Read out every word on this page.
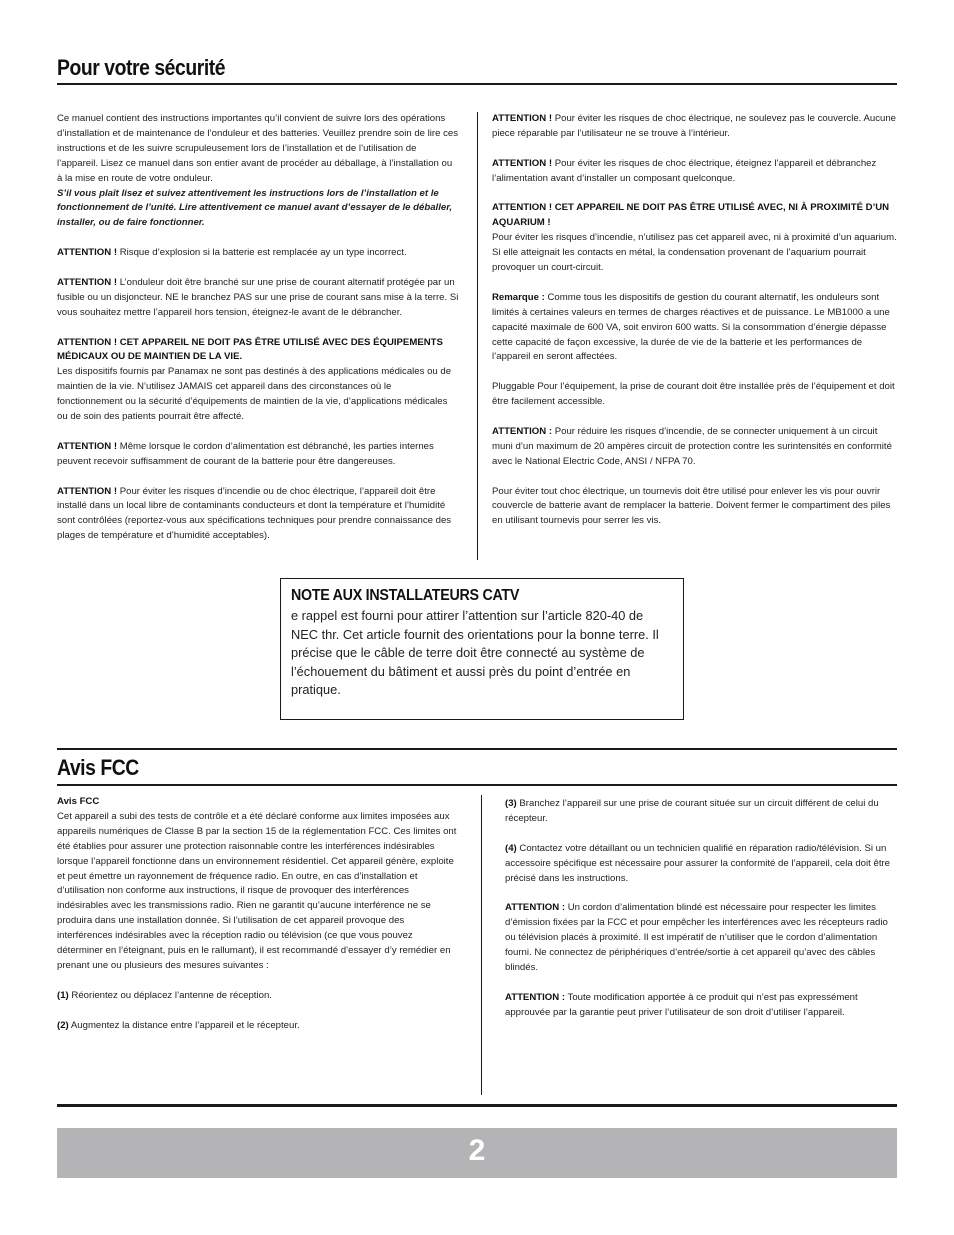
Pour votre sécurité

Ce manuel contient des instructions importantes qu’il convient de suivre lors des opérations d’installation et de maintenance de l’onduleur et des batteries. Veuillez prendre soin de lire ces instructions et de les suivre scrupuleusement lors de l’installation et de l’utilisation de l’appareil. Lisez ce manuel dans son entier avant de procéder au déballage, à l’installation ou à la mise en route de votre onduleur.
S’il vous plaît lisez et suivez attentivement les instructions lors de l’installation et le fonctionnement de l’unité. Lire attentivement ce manuel avant d’essayer de le déballer, installer, ou de faire fonctionner.

ATTENTION ! Risque d’explosion si la batterie est remplacée ay un type incorrect.

ATTENTION ! L’onduleur doit être branché sur une prise de courant alternatif protégée par un fusible ou un disjoncteur. NE le branchez PAS sur une prise de courant sans mise à la terre. Si vous souhaitez mettre l’appareil hors tension, éteignez-le avant de le débrancher.

ATTENTION ! CET APPAREIL NE DOIT PAS ÊTRE UTILISÉ AVEC DES ÉQUIPEMENTS MÉDICAUX OU DE MAINTIEN DE LA VIE.
Les dispositifs fournis par Panamax ne sont pas destinés à des applications médicales ou de maintien de la vie. N’utilisez JAMAIS cet appareil dans des circonstances où le fonctionnement ou la sécurité d’équipements de maintien de la vie, d’applications médicales ou de soin des patients pourrait être affecté.

ATTENTION ! Même lorsque le cordon d’alimentation est débranché, les parties internes peuvent recevoir suffisamment de courant de la batterie pour être dangereuses.

ATTENTION ! Pour éviter les risques d’incendie ou de choc électrique, l’appareil doit être installé dans un local libre de contaminants conducteurs et dont la température et l’humidité sont contrôlées (reportez-vous aux spécifications techniques pour prendre connaissance des plages de température et d’humidité acceptables).

ATTENTION ! Pour éviter les risques de choc électrique, ne soulevez pas le couvercle. Aucune piece réparable par l’utilisateur ne se trouve à l’intérieur.

ATTENTION ! Pour éviter les risques de choc électrique, éteignez l’appareil et débranchez l’alimentation avant d’installer un composant quelconque.

ATTENTION ! CET APPAREIL NE DOIT PAS ÊTRE UTILISÉ AVEC, NI À PROXIMITÉ D’UN AQUARIUM !
Pour éviter les risques d’incendie, n’utilisez pas cet appareil avec, ni à proximité d’un aquarium. Si elle atteignait les contacts en métal, la condensation provenant de l’aquarium pourrait provoquer un court-circuit.

Remarque : Comme tous les dispositifs de gestion du courant alternatif, les onduleurs sont limités à certaines valeurs en termes de charges réactives et de puissance. Le MB1000 a une capacité maximale de 600 VA, soit environ 600 watts. Si la consommation d’énergie dépasse cette capacité de façon excessive, la durée de vie de la batterie et les performances de l’appareil en seront affectées.

Pluggable Pour l’équipement, la prise de courant doit être installée près de l’équipement et doit être facilement accessible.

ATTENTION : Pour réduire les risques d’incendie, de se connecter uniquement à un circuit muni d’un maximum de 20 ampères circuit de protection contre les surintensités en conformité avec le National Electric Code, ANSI / NFPA 70.

Pour éviter tout choc électrique, un tournevis doit être utilisé pour enlever les vis pour ouvrir couvercle de batterie avant de remplacer la batterie. Doivent fermer le compartiment des piles en utilisant tournevis pour serrer les vis.

NOTE AUX INSTALLATEURS CATV
e rappel est fourni pour attirer l’attention sur l’article 820-40 de NEC thr. Cet article fournit des orientations pour la bonne terre. Il précise que le câble de terre doit être connecté au système de l’échouement du bâtiment et aussi près du point d’entrée en pratique.
Avis FCC

Avis FCC
Cet appareil a subi des tests de contrôle et a été déclaré conforme aux limites imposées aux appareils numériques de Classe B par la section 15 de la réglementation FCC. Ces limites ont été établies pour assurer une protection raisonnable contre les interférences indésirables lorsque l’appareil fonctionne dans un environnement résidentiel. Cet appareil génère, exploite et peut émettre un rayonnement de fréquence radio. En outre, en cas d’installation et d’utilisation non conforme aux instructions, il risque de provoquer des interférences indésirables avec les transmissions radio. Rien ne garantit qu’aucune interférence ne se produira dans une installation donnée. Si l’utilisation de cet appareil provoque des interférences indésirables avec la réception radio ou télévision (ce que vous pouvez déterminer en l’éteignant, puis en le rallumant), il est recommandé d’essayer d’y remédier en prenant une ou plusieurs des mesures suivantes :

(1) Réorientez ou déplacez l’antenne de réception.

(2) Augmentez la distance entre l’appareil et le récepteur.

(3) Branchez l’appareil sur une prise de courant située sur un circuit différent de celui du récepteur.

(4) Contactez votre détaillant ou un technicien qualifié en réparation radio/télévision. Si un accessoire spécifique est nécessaire pour assurer la conformité de l’appareil, cela doit être précisé dans les instructions.

ATTENTION : Un cordon d’alimentation blindé est nécessaire pour respecter les limites d’émission fixées par la FCC et pour empêcher les interférences avec les récepteurs radio ou télévision placés à proximité. Il est impératif de n’utiliser que le cordon d’alimentation fourni. Ne connectez de périphériques d’entrée/sortie à cet appareil qu’avec des câbles blindés.

ATTENTION : Toute modification apportée à ce produit qui n’est pas expressément approuvée par la garantie peut priver l’utilisateur de son droit d’utiliser l’appareil.

2
